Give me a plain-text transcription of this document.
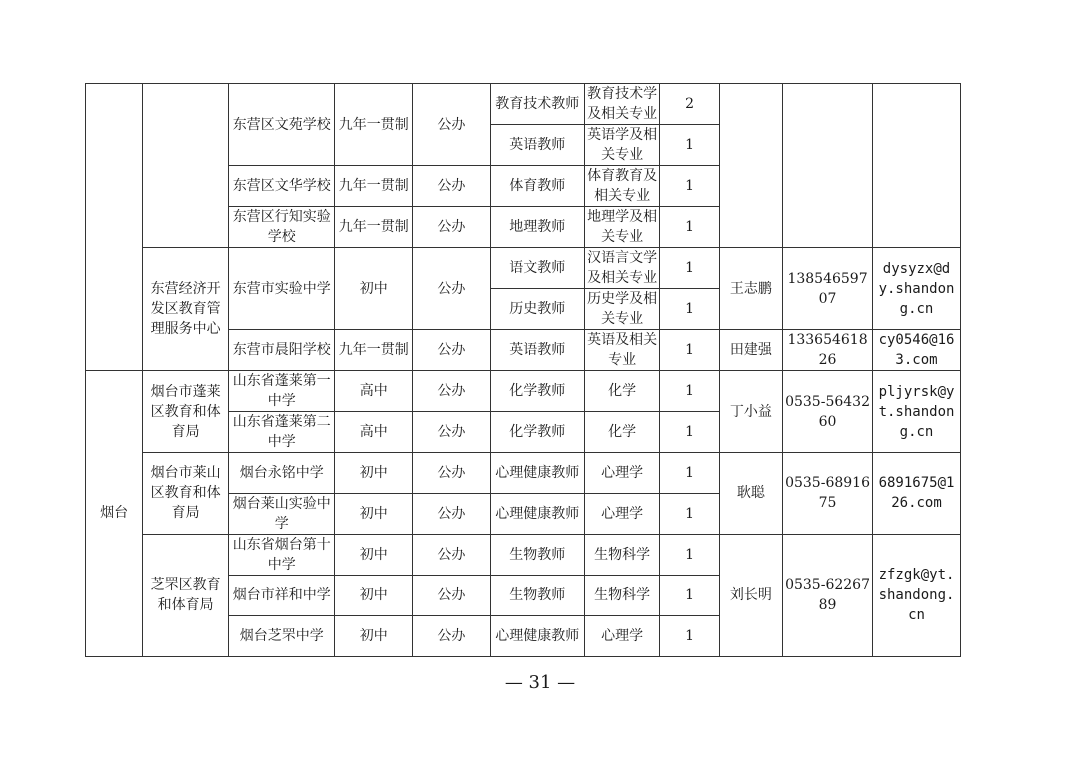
		东营区文苑学校	九年一贯制	公办	教育技术教师	教育技术学及相关专业	2			
					英语教师	英语学及相关专业	1			
		东营区文华学校	九年一贯制	公办	体育教师	体育教育及相关专业	1			
		东营区行知实验学校	九年一贯制	公办	地理教师	地理学及相关专业	1			
	东营经济开发区教育管理服务中心	东营市实验中学	初中	公办	语文教师	汉语言文学及相关专业	1	王志鹏	13854659707	dysyzx@dy.shandong.cn
					历史教师	历史学及相关专业	1			
		东营市晨阳学校	九年一贯制	公办	英语教师	英语及相关专业	1	田建强	13365461826	cy0546@163.com
烟台	烟台市蓬莱区教育和体育局	山东省蓬莱第一中学	高中	公办	化学教师	化学	1	丁小益	0535-5643260	pljyrsk@yt.shandong.cn
		山东省蓬莱第二中学	高中	公办	化学教师	化学	1			
	烟台市莱山区教育和体育局	烟台永铭中学	初中	公办	心理健康教师	心理学	1	耿聪	0535-6891675	6891675@126.com
		烟台莱山实验中学	初中	公办	心理健康教师	心理学	1			
	芝罘区教育和体育局	山东省烟台第十中学	初中	公办	生物教师	生物科学	1	刘长明	0535-6226789	zfzgk@yt.shandong.cn
		烟台市祥和中学	初中	公办	生物教师	生物科学	1			
		烟台芝罘中学	初中	公办	心理健康教师	心理学	1			
— 31 —
